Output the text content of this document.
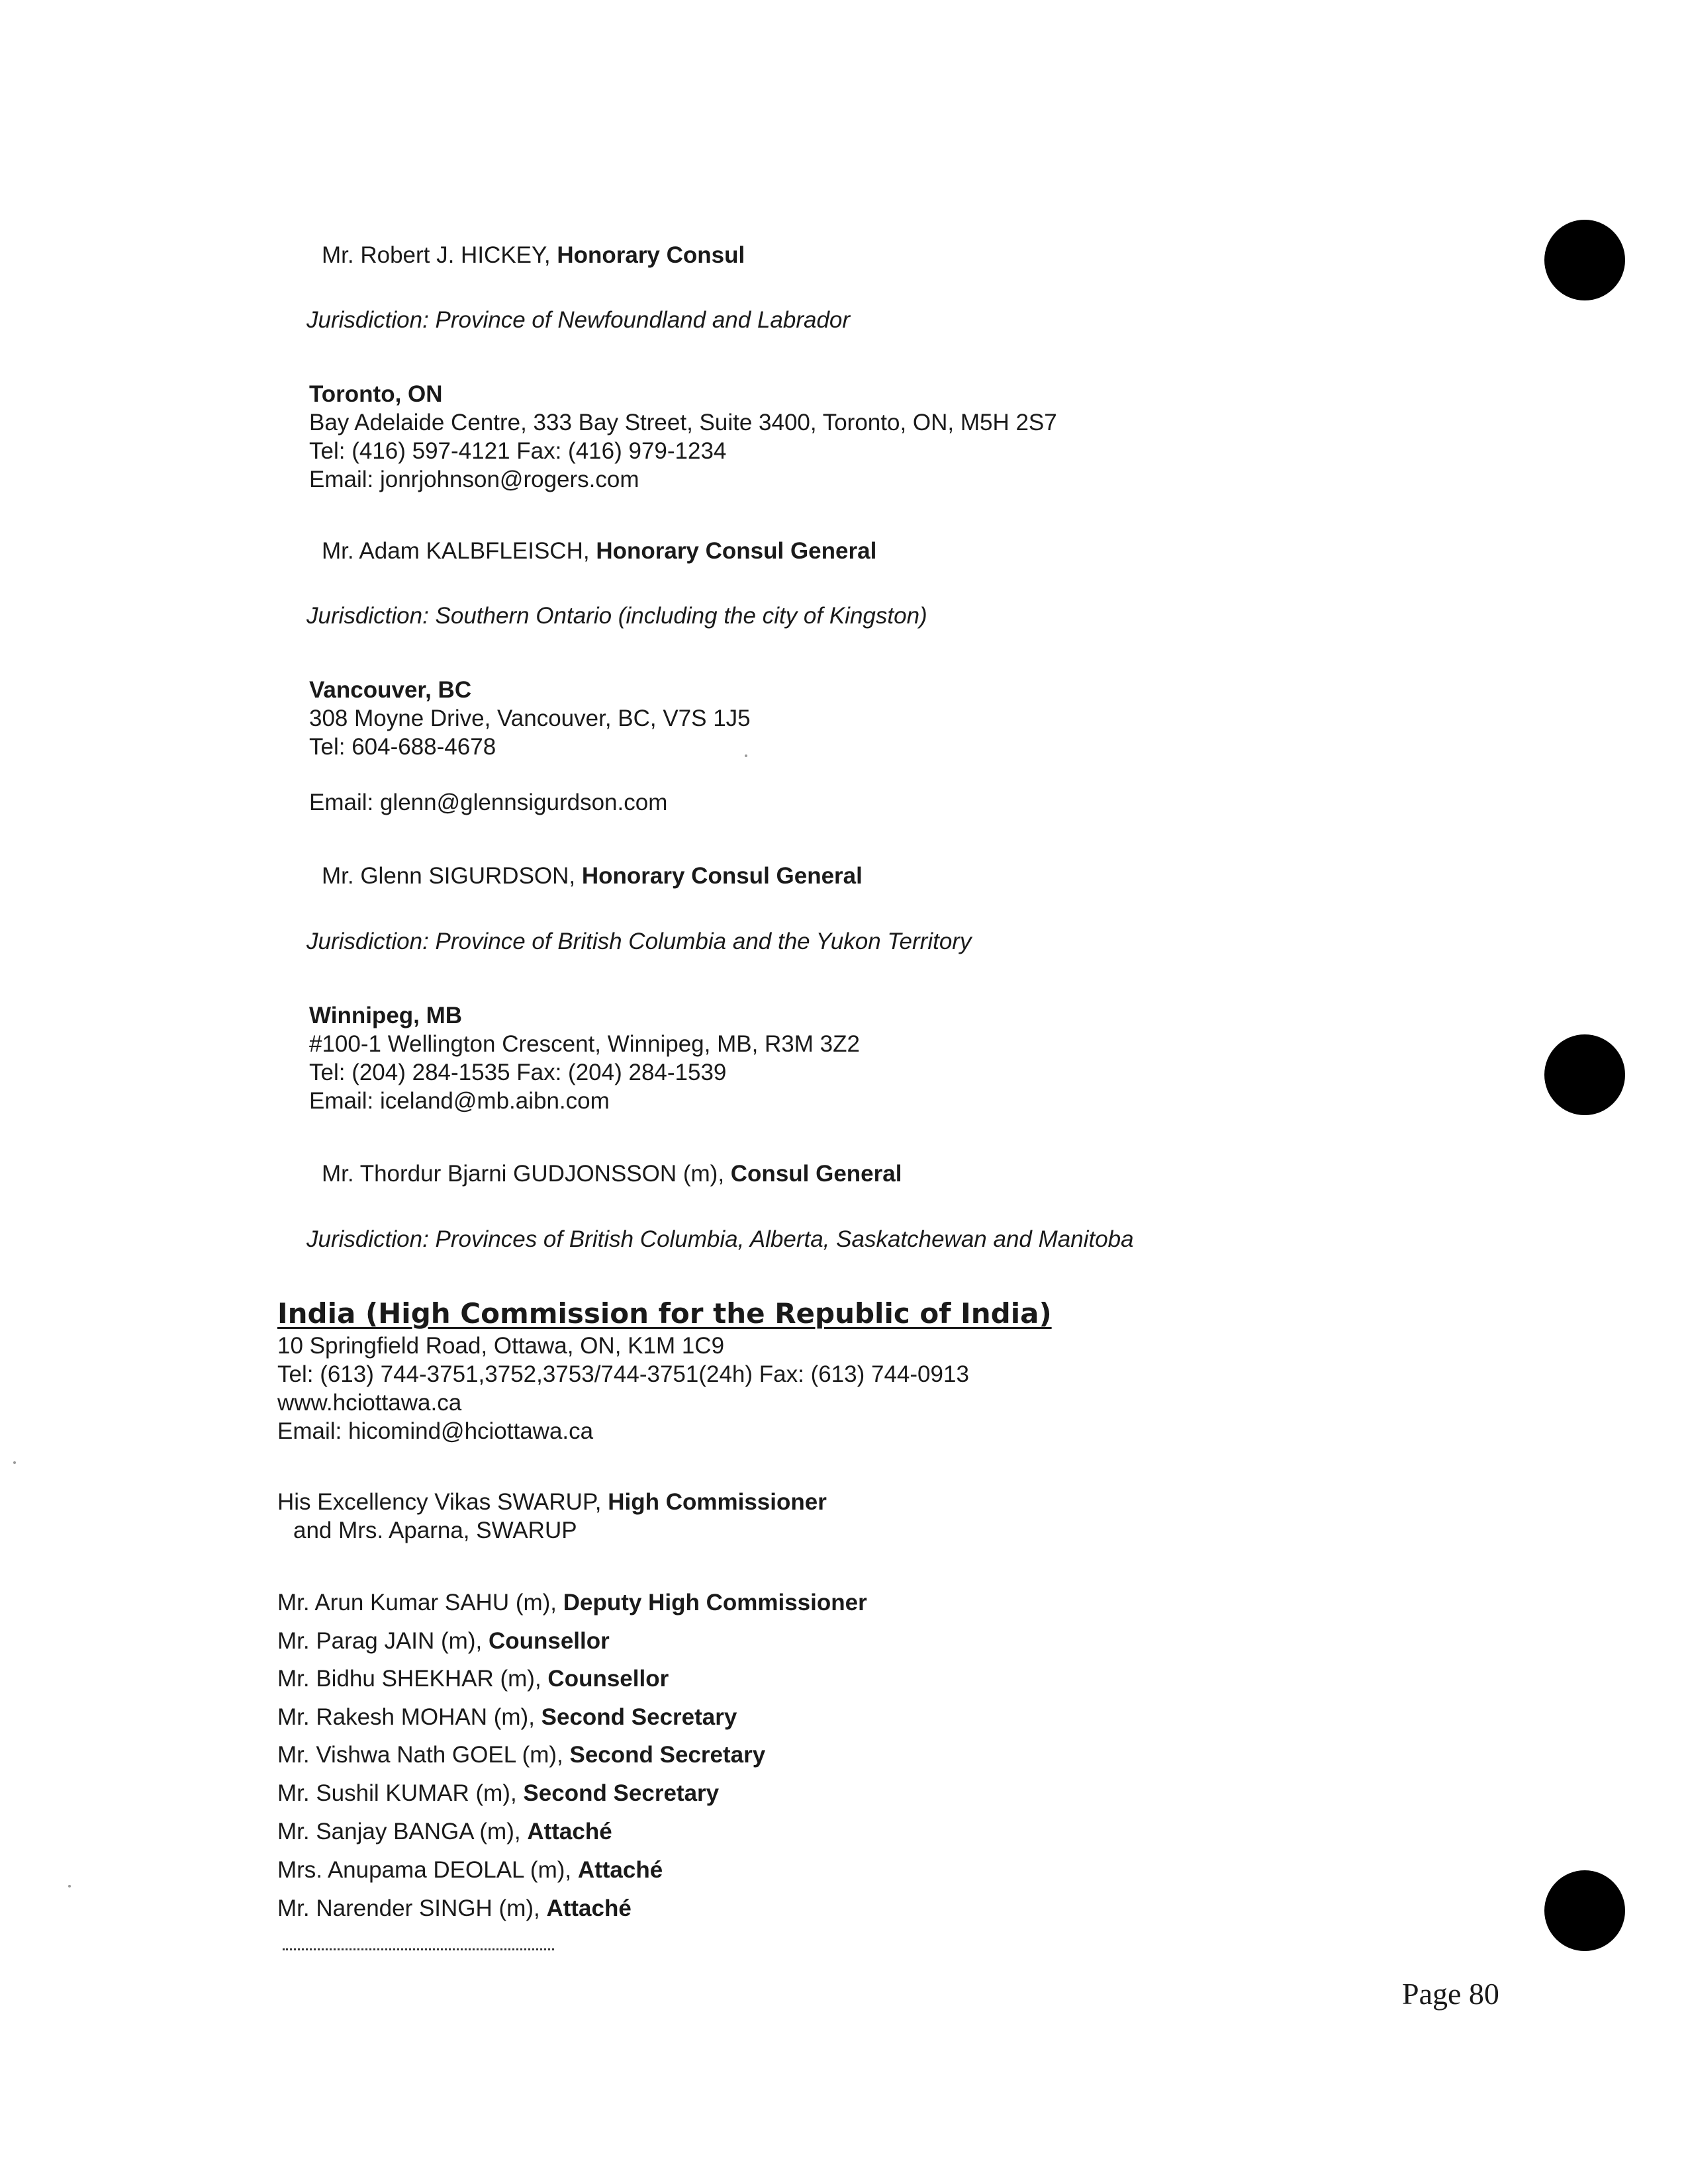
Mr. Robert J. HICKEY, Honorary Consul
Jurisdiction: Province of Newfoundland and Labrador
Toronto, ON
Bay Adelaide Centre, 333 Bay Street, Suite 3400, Toronto, ON, M5H 2S7
Tel: (416) 597-4121 Fax: (416) 979-1234
Email: jonrjohnson@rogers.com
Mr. Adam KALBFLEISCH, Honorary Consul General
Jurisdiction: Southern Ontario (including the city of Kingston)
Vancouver, BC
308 Moyne Drive, Vancouver, BC, V7S 1J5
Tel: 604-688-4678
Email: glenn@glennsigurdson.com
Mr. Glenn SIGURDSON, Honorary Consul General
Jurisdiction: Province of British Columbia and the Yukon Territory
Winnipeg, MB
#100-1 Wellington Crescent, Winnipeg, MB, R3M 3Z2
Tel: (204) 284-1535 Fax: (204) 284-1539
Email: iceland@mb.aibn.com
Mr. Thordur Bjarni GUDJONSSON (m), Consul General
Jurisdiction: Provinces of British Columbia, Alberta, Saskatchewan and Manitoba
India (High Commission for the Republic of India)
10 Springfield Road, Ottawa, ON, K1M 1C9
Tel: (613) 744-3751,3752,3753/744-3751(24h) Fax: (613) 744-0913
www.hciottawa.ca
Email: hicomind@hciottawa.ca
His Excellency Vikas SWARUP, High Commissioner
and Mrs. Aparna, SWARUP
Mr. Arun Kumar SAHU (m), Deputy High Commissioner
Mr. Parag JAIN (m), Counsellor
Mr. Bidhu SHEKHAR (m), Counsellor
Mr. Rakesh MOHAN (m), Second Secretary
Mr. Vishwa Nath GOEL (m), Second Secretary
Mr. Sushil KUMAR (m), Second Secretary
Mr. Sanjay BANGA (m), Attaché
Mrs. Anupama DEOLAL (m), Attaché
Mr. Narender SINGH (m), Attaché
Page 80
